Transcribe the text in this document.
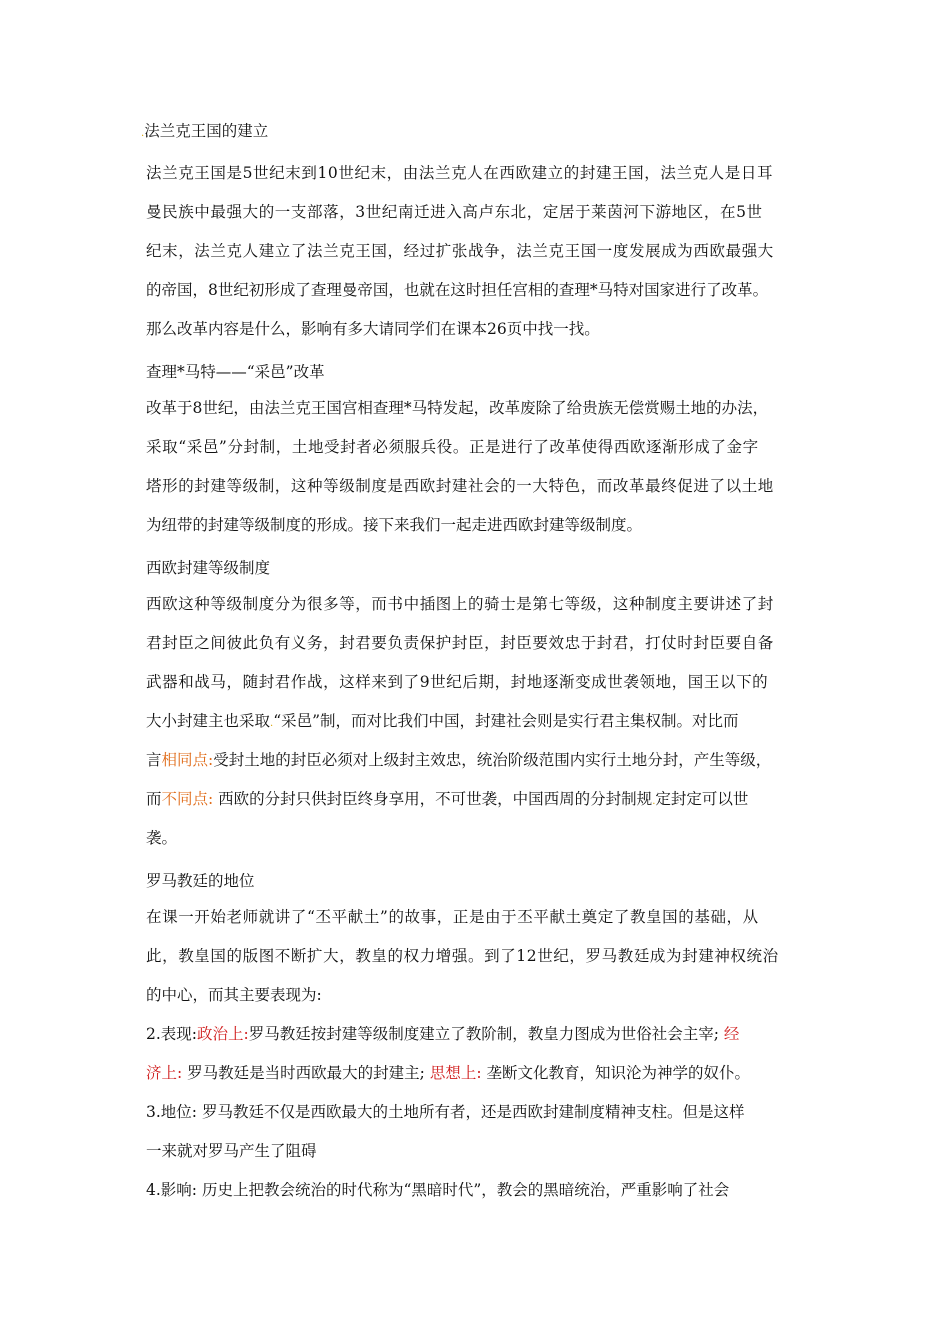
.法兰克王国的建立
法兰克王国是5世纪末到10世纪末，由法兰克人在西欧建立的封建王国，法兰克人是日耳
曼民族中最强大的一支部落，3世纪南迁进入高卢东北，定居于莱茵河下游地区，在5世
纪末，法兰克人建立了法兰克王国，经过扩张战争，法兰克王国一度发展成为西欧最强大
的帝国，8世纪初形成了查理曼帝国，也就在这时担任宫相的查理*马特对国家进行了改革。
那么改革内容是什么，影响有多大请同学们在课本26页中找一找。
查理*马特——“采邑”改革
改革于8世纪，由法兰克王国宫相查理*马特发起，改革废除了给贵族无偿赏赐土地的办法，
采取“采邑”分封制，土地受封者必须服兵役。正是进行了改革使得西欧逐渐形成了金字
塔形的封建等级制，这种等级制度是西欧封建社会的一大特色，而改革最终促进了以土地
为纽带的封建等级制度的形成。接下来我们一起走进西欧封建等级制度。
西欧封建等级制度
西欧这种等级制度分为很多等，而书中插图上的骑士是第七等级，这种制度主要讲述了封
君封臣之间彼此负有义务，封君要负责保护封臣，封臣要效忠于封君，打仗时封臣要自备
武器和战马，随封君作战，这样来到了9世纪后期，封地逐渐变成世袭领地，国王以下的
大小封建主也采取.“采邑”制，而对比我们中国，封建社会则是实行君主集权制。对比而
言相同点:受封土地的封臣必须对上级封主效忠，统治阶级范围内实行土地分封，产生等级，
而不同点: 西欧的分封只供封臣终身享用，不可世袭，中国西周的分封制规.定封定可以世
袭。
罗马教廷的地位
在课一开始老师就讲了“丕平献土”的故事，正是由于丕平献土奠定了教皇国的基础，从
此，教皇国的版图不断扩大，教皇的权力增强。到了12世纪，罗马教廷成为封建神权统治
的中心，而其主要表现为:
2.表现:政治上:罗马教廷按封建等级制度建立了教阶制，教皇力图成为世俗社会主宰; 经
济上: 罗马教廷是当时西欧最大的封建主; 思想上: 垄断文化教育，知识沦为神学的奴仆。
3.地位: 罗马教廷不仅是西欧最大的土地所有者，还是西欧封建制度精神支柱。但是这样
一来就对罗马产生了阻碍
4.影响: 历史上把教会统治的时代称为“黑暗时代”，教会的黑暗统治，严重影响了社会
